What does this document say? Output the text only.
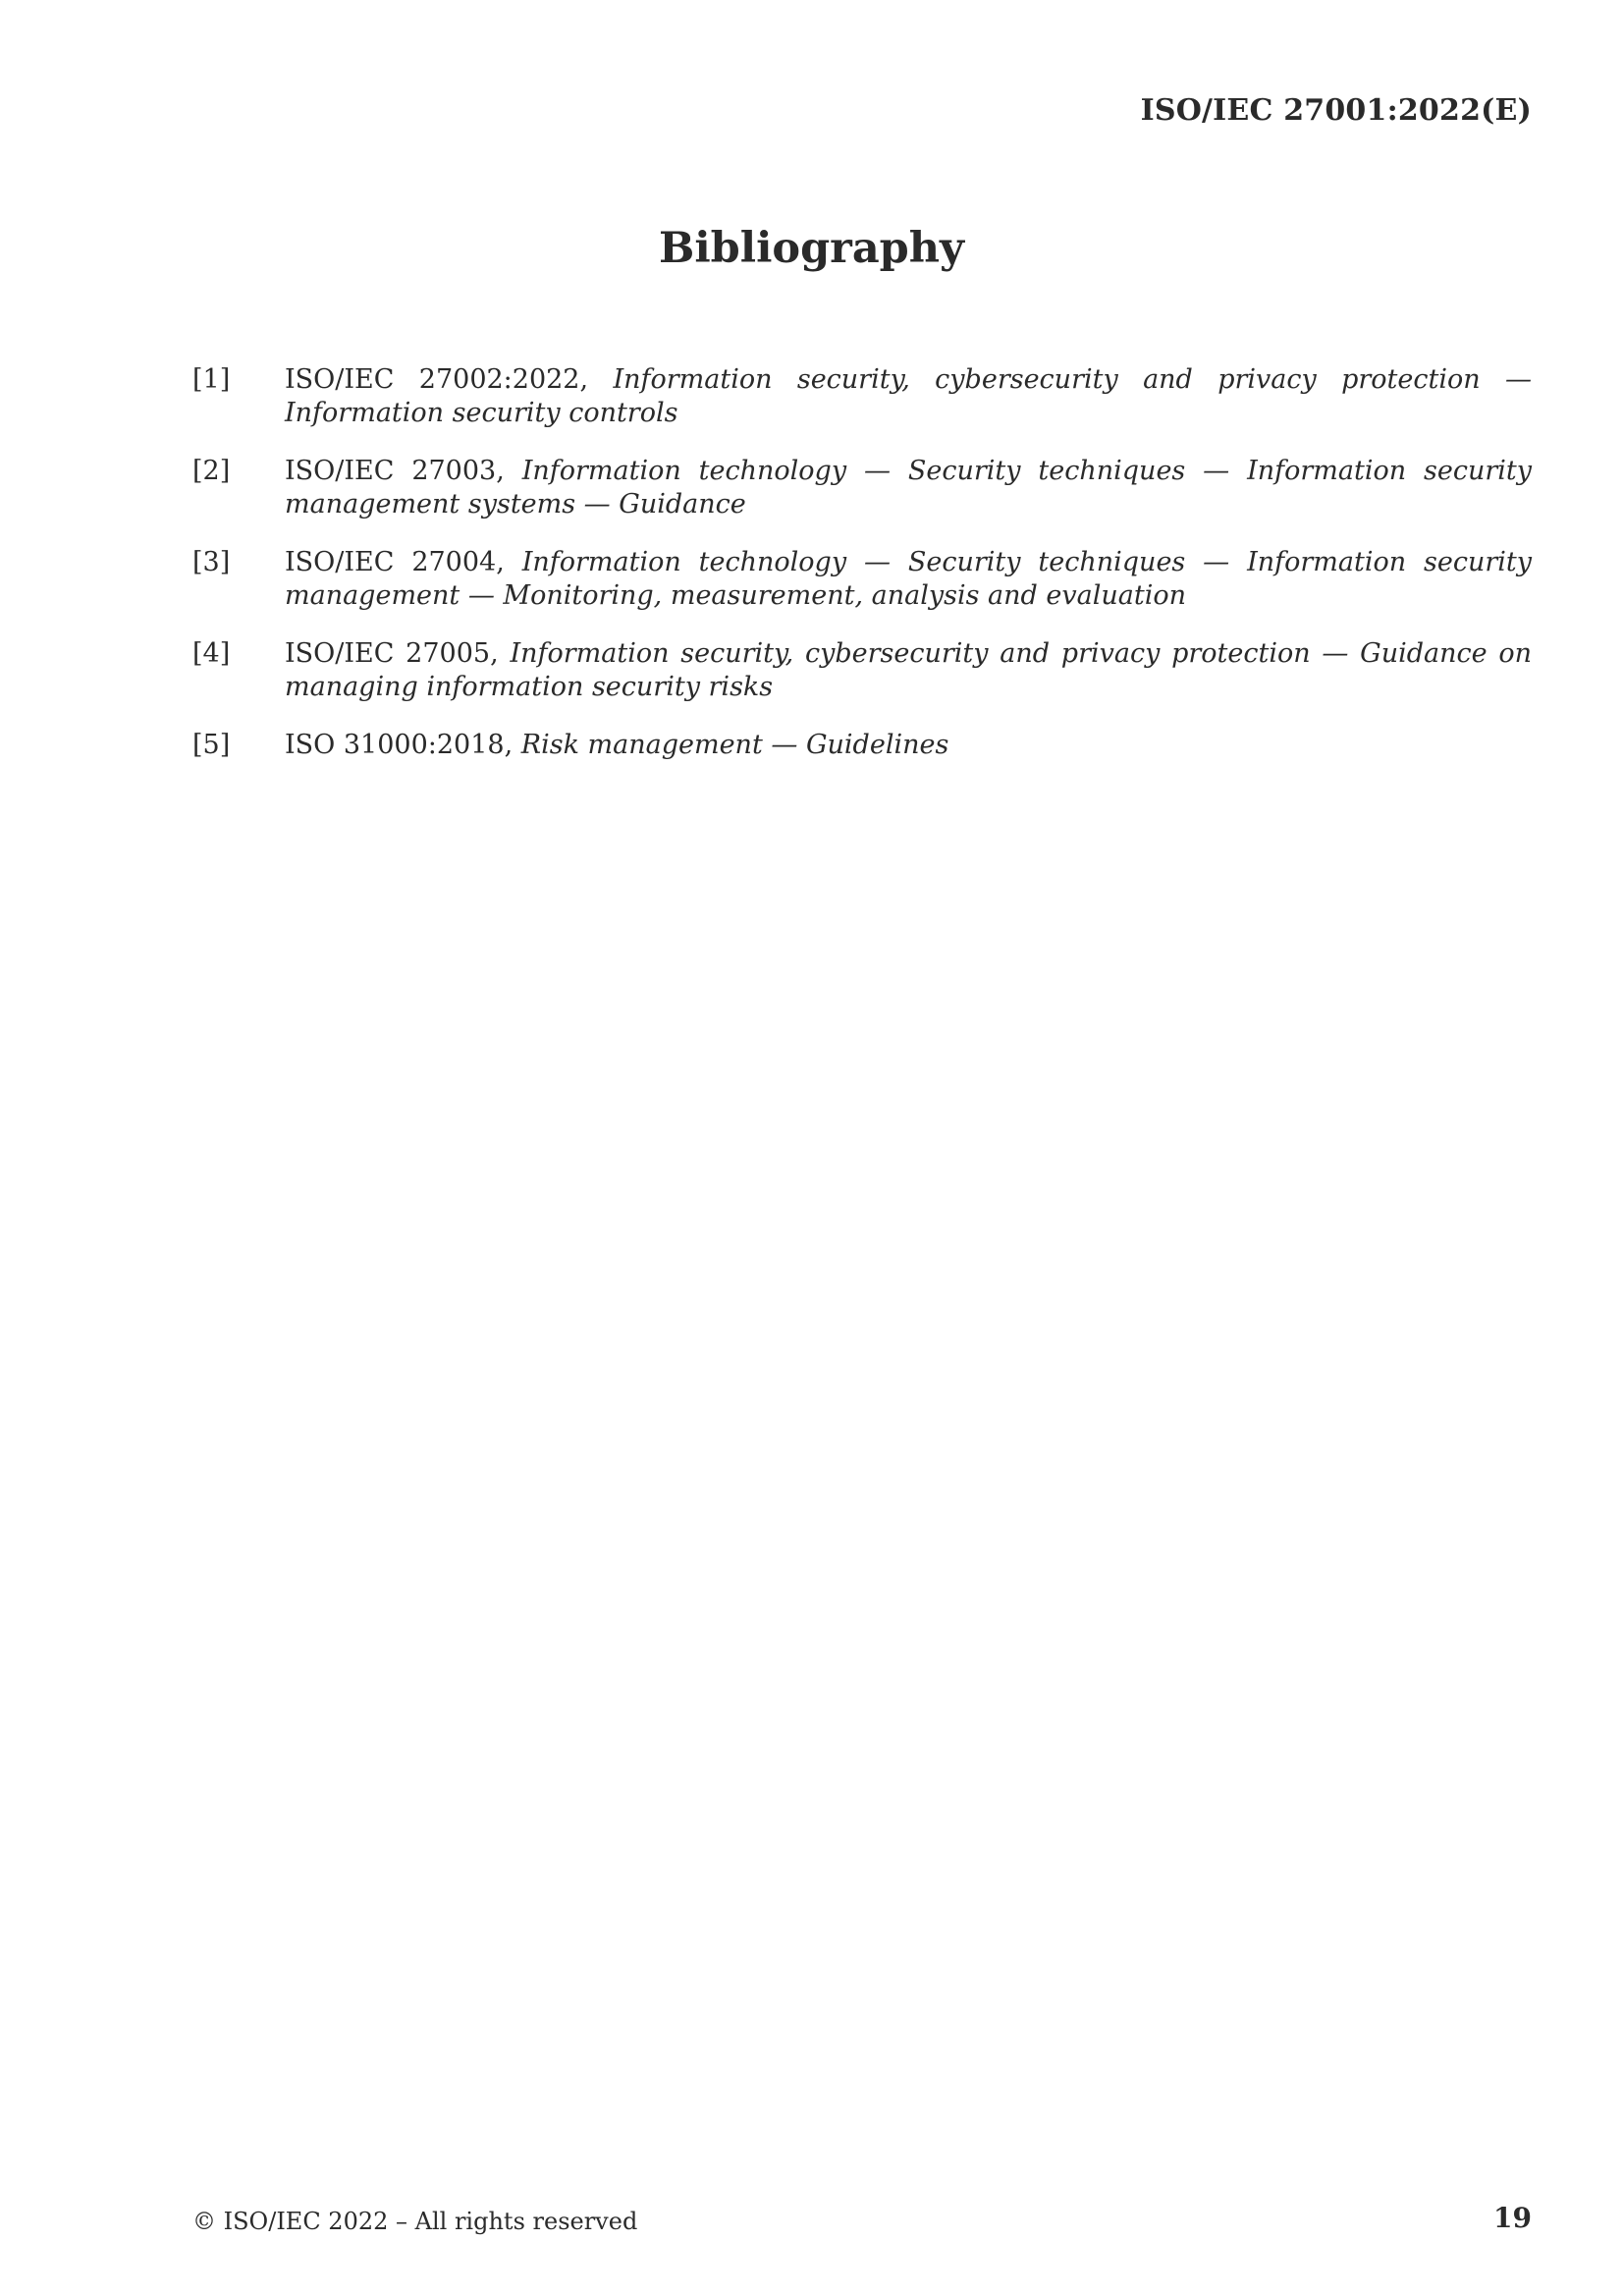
ISO/IEC 27001:2022(E)
Bibliography
[1]	ISO/IEC 27002:2022, Information security, cybersecurity and privacy protection — Information security controls
[2]	ISO/IEC 27003, Information technology — Security techniques — Information security management systems — Guidance
[3]	ISO/IEC 27004, Information technology — Security techniques — Information security management — Monitoring, measurement, analysis and evaluation
[4]	ISO/IEC 27005, Information security, cybersecurity and privacy protection — Guidance on managing information security risks
[5]	ISO 31000:2018, Risk management — Guidelines
© ISO/IEC 2022 – All rights reserved	19
